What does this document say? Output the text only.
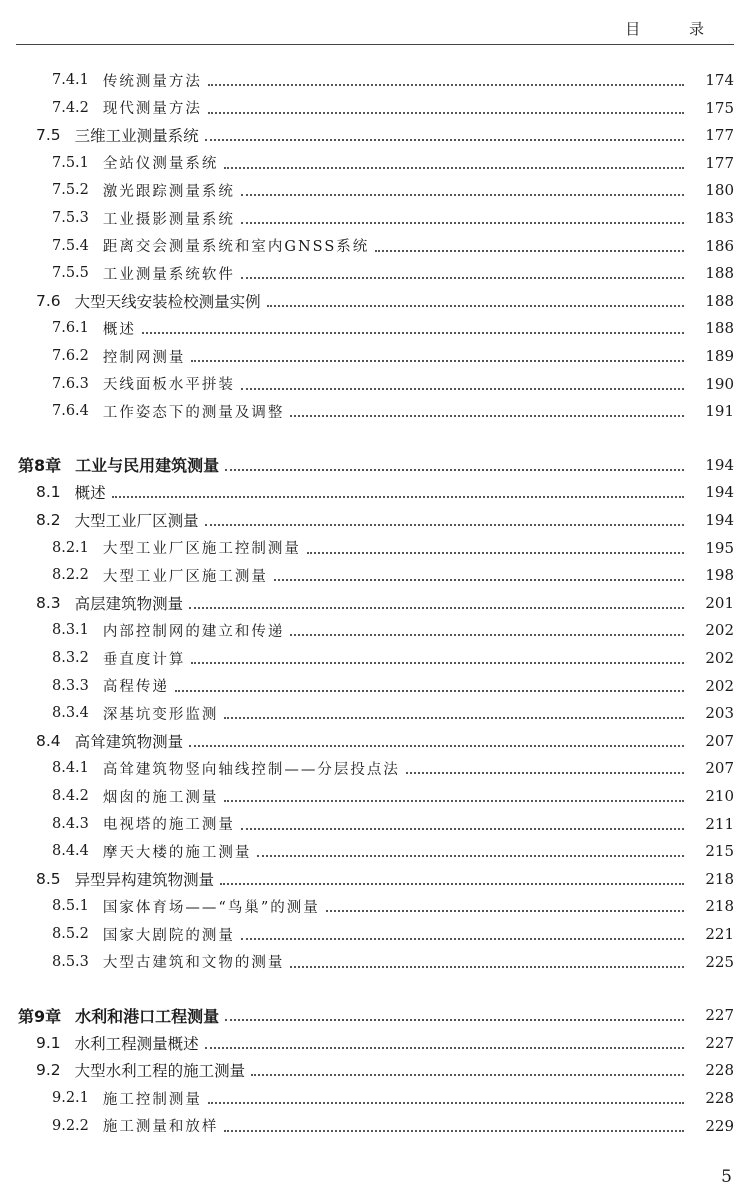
目 录
7.4.1 传统测量方法	174
7.4.2 现代测量方法	175
7.5 三维工业测量系统	177
7.5.1 全站仪测量系统	177
7.5.2 激光跟踪测量系统	180
7.5.3 工业摄影测量系统	183
7.5.4 距离交会测量系统和室内GNSS系统	186
7.5.5 工业测量系统软件	188
7.6 大型天线安装检校测量实例	188
7.6.1 概述	188
7.6.2 控制网测量	189
7.6.3 天线面板水平拼装	190
7.6.4 工作姿态下的测量及调整	191
第8章 工业与民用建筑测量	194
8.1 概述	194
8.2 大型工业厂区测量	194
8.2.1 大型工业厂区施工控制测量	195
8.2.2 大型工业厂区施工测量	198
8.3 高层建筑物测量	201
8.3.1 内部控制网的建立和传递	202
8.3.2 垂直度计算	202
8.3.3 高程传递	202
8.3.4 深基坑变形监测	203
8.4 高耸建筑物测量	207
8.4.1 高耸建筑物竖向轴线控制——分层投点法	207
8.4.2 烟囱的施工测量	210
8.4.3 电视塔的施工测量	211
8.4.4 摩天大楼的施工测量	215
8.5 异型异构建筑物测量	218
8.5.1 国家体育场——“鸟巢”的测量	218
8.5.2 国家大剧院的测量	221
8.5.3 大型古建筑和文物的测量	225
第9章 水利和港口工程测量	227
9.1 水利工程测量概述	227
9.2 大型水利工程的施工测量	228
9.2.1 施工控制测量	228
9.2.2 施工测量和放样	229
5
